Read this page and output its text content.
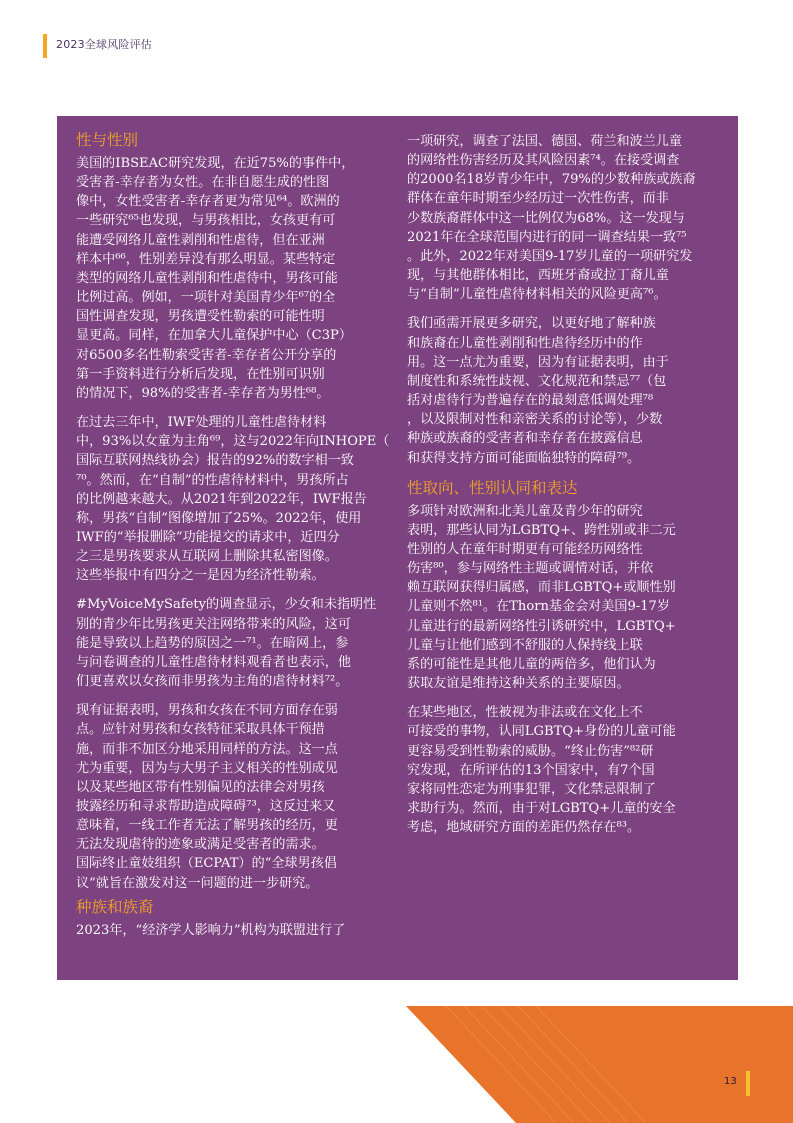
2023全球风险评估
性与性别

美国的IBSEAC研究发现，在近75%的事件中，
受害者-幸存者为女性。在非自愿生成的性图
像中，女性受害者-幸存者更为常见⁶⁴。欧洲的
一些研究⁶⁵也发现，与男孩相比，女孩更有可
能遭受网络儿童性剥削和性虐待，但在亚洲
样本中⁶⁶，性别差异没有那么明显。某些特定
类型的网络儿童性剥削和性虐待中，男孩可能
比例过高。例如，一项针对美国青少年⁶⁷的全
国性调查发现，男孩遭受性勒索的可能性明
显更高。同样，在加拿大儿童保护中心（C3P）
对6500多名性勒索受害者-幸存者公开分享的
第一手资料进行分析后发现，在性别可识别
的情况下，98%的受害者-幸存者为男性⁶⁸。

在过去三年中，IWF处理的儿童性虐待材料
中，93%以女童为主角⁶⁹，这与2022年向INHOPE（
国际互联网热线协会）报告的92%的数字相一致
⁷⁰。然而，在“自制”的性虐待材料中，男孩所占
的比例越来越大。从2021年到2022年，IWF报告
称，男孩“自制”图像增加了25%。2022年，使用
IWF的“举报删除”功能提交的请求中，近四分
之三是男孩要求从互联网上删除其私密图像。
这些举报中有四分之一是因为经济性勒索。

#MyVoiceMySafety的调查显示，少女和未指明性
别的青少年比男孩更关注网络带来的风险，这可
能是导致以上趋势的原因之一⁷¹。在暗网上，参
与问卷调查的儿童性虐待材料观看者也表示，他
们更喜欢以女孩而非男孩为主角的虐待材料⁷²。

现有证据表明，男孩和女孩在不同方面存在弱
点。应针对男孩和女孩特征采取具体干预措
施，而非不加区分地采用同样的方法。这一点
尤为重要，因为与大男子主义相关的性别成见
以及某些地区带有性别偏见的法律会对男孩
披露经历和寻求帮助造成障碍⁷³，这反过来又
意味着，一线工作者无法了解男孩的经历，更
无法发现虐待的迹象或满足受害者的需求。
国际终止童妓组织（ECPAT）的“全球男孩倡
议”就旨在激发对这一问题的进一步研究。

种族和族裔

2023年，“经济学人影响力”机构为联盟进行了

一项研究，调查了法国、德国、荷兰和波兰儿童
的网络性伤害经历及其风险因素⁷⁴。在接受调查
的2000名18岁青少年中，79%的少数种族或族裔
群体在童年时期至少经历过一次性伤害，而非
少数族裔群体中这一比例仅为68%。这一发现与
2021年在全球范围内进行的同一调查结果一致⁷⁵
。此外，2022年对美国9-17岁儿童的一项研究发
现，与其他群体相比，西班牙裔或拉丁裔儿童
与“自制”儿童性虐待材料相关的风险更高⁷⁶。

我们亟需开展更多研究，以更好地了解种族
和族裔在儿童性剥削和性虐待经历中的作
用。这一点尤为重要，因为有证据表明，由于
制度性和系统性歧视、文化规范和禁忌⁷⁷（包
括对虐待行为普遍存在的最刻意低调处理⁷⁸
，以及限制对性和亲密关系的讨论等），少数
种族或族裔的受害者和幸存者在披露信息
和获得支持方面可能面临独特的障碍⁷⁹。

性取向、性别认同和表达

多项针对欧洲和北美儿童及青少年的研究
表明，那些认同为LGBTQ+、跨性别或非二元
性别的人在童年时期更有可能经历网络性
伤害⁸⁰，参与网络性主题或调情对话，并依
赖互联网获得归属感，而非LGBTQ+或顺性别
儿童则不然⁸¹。在Thorn基金会对美国9-17岁
儿童进行的最新网络性引诱研究中，LGBTQ+
儿童与让他们感到不舒服的人保持线上联
系的可能性是其他儿童的两倍多，他们认为
获取友谊是维持这种关系的主要原因。

在某些地区，性被视为非法或在文化上不
可接受的事物，认同LGBTQ+身份的儿童可能
更容易受到性勒索的威胁。“终止伤害”⁸²研
究发现，在所评估的13个国家中，有7个国
家将同性恋定为刑事犯罪，文化禁忌限制了
求助行为。然而，由于对LGBTQ+儿童的安全
考虑，地域研究方面的差距仍然存在⁸³。

13
